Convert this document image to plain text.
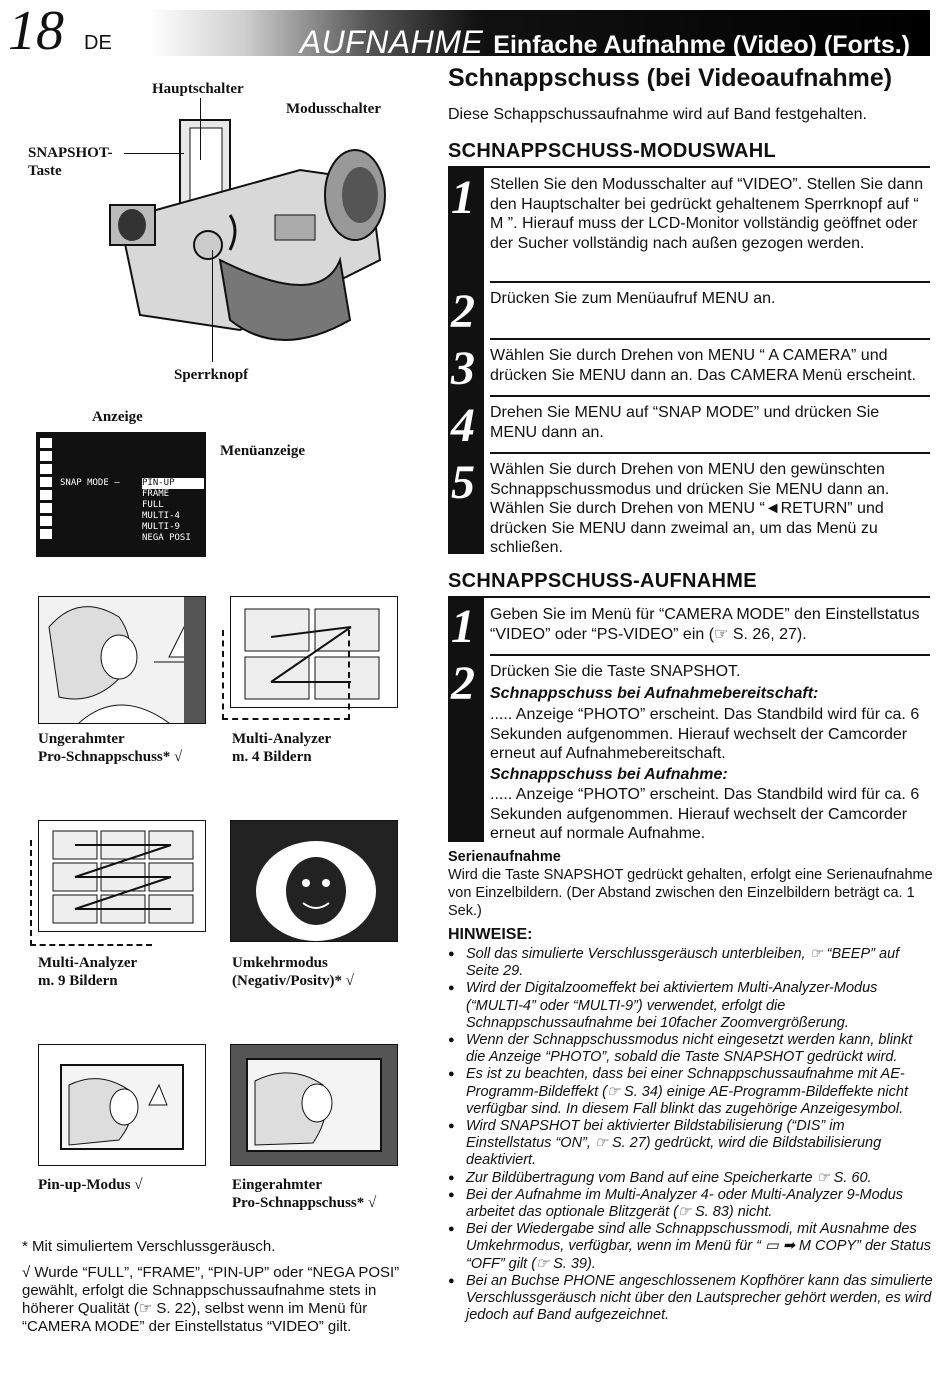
18 DE	AUFNAHME Einfache Aufnahme (Video) (Forts.)
Hauptschalter
Modusschalter
SNAPSHOT-
Taste
Sperrknopf
Anzeige
Menüanzeige
SNAP MODE – PIN-UP
FRAME
FULL
MULTI-4
MULTI-9
NEGA POSI
Ungerahmter
Pro-Schnappschuss* √
Multi-Analyzer
m. 4 Bildern
Multi-Analyzer
m. 9 Bildern
Umkehrmodus
(Negativ/Positv)* √
Pin-up-Modus √	Eingerahmter
Pro-Schnappschuss* √
* Mit simuliertem Verschlussgeräusch.
√ Wurde “FULL”, “FRAME”, “PIN-UP” oder “NEGA POSI” gewählt, erfolgt die Schnappschussaufnahme stets in höherer Qualität (☞ S. 22), selbst wenn im Menü für “CAMERA MODE” der Einstellstatus “VIDEO” gilt.
Schnappschuss (bei Videoaufnahme)
Diese Schappschussaufnahme wird auf Band festgehalten.
SCHNAPPSCHUSS-MODUSWAHL
1 Stellen Sie den Modusschalter auf “VIDEO”. Stellen Sie dann den Hauptschalter bei gedrückt gehaltenem Sperrknopf auf “ M ”. Hierauf muss der LCD-Monitor vollständig geöffnet oder der Sucher vollständig nach außen gezogen werden.
2 Drücken Sie zum Menüaufruf MENU an.
3 Wählen Sie durch Drehen von MENU “ A CAMERA” und drücken Sie MENU dann an. Das CAMERA Menü erscheint.
4 Drehen Sie MENU auf “SNAP MODE” und drücken Sie MENU dann an.
5 Wählen Sie durch Drehen von MENU den gewünschten Schnappschussmodus und drücken Sie MENU dann an. Wählen Sie durch Drehen von MENU “◄RETURN” und drücken Sie MENU dann zweimal an, um das Menü zu schließen.
SCHNAPPSCHUSS-AUFNAHME
1 Geben Sie im Menü für “CAMERA MODE” den Einstellstatus “VIDEO” oder “PS-VIDEO” ein (☞ S. 26, 27).
2 Drücken Sie die Taste SNAPSHOT.
Schnappschuss bei Aufnahmebereitschaft:
..... Anzeige “PHOTO” erscheint. Das Standbild wird für ca. 6 Sekunden aufgenommen. Hierauf wechselt der Camcorder erneut auf Aufnahmebereitschaft.
Schnappschuss bei Aufnahme:
..... Anzeige “PHOTO” erscheint. Das Standbild wird für ca. 6 Sekunden aufgenommen. Hierauf wechselt der Camcorder erneut auf normale Aufnahme.
Serienaufnahme
Wird die Taste SNAPSHOT gedrückt gehalten, erfolgt eine Serienaufnahme von Einzelbildern. (Der Abstand zwischen den Einzelbildern beträgt ca. 1 Sek.)
HINWEISE:
● Soll das simulierte Verschlussgeräusch unterbleiben, ☞ “BEEP” auf Seite 29.
● Wird der Digitalzoomeffekt bei aktiviertem Multi-Analyzer-Modus (“MULTI-4” oder “MULTI-9”) verwendet, erfolgt die Schnappschussaufnahme bei 10facher Zoomvergrößerung.
● Wenn der Schnappschussmodus nicht eingesetzt werden kann, blinkt die Anzeige “PHOTO”, sobald die Taste SNAPSHOT gedrückt wird.
● Es ist zu beachten, dass bei einer Schnappschussaufnahme mit AE-Programm-Bildeffekt (☞ S. 34) einige AE-Programm-Bildeffekte nicht verfügbar sind. In diesem Fall blinkt das zugehörige Anzeigesymbol.
● Wird SNAPSHOT bei aktivierter Bildstabilisierung (“DIS” im Einstellstatus “ON”, ☞ S. 27) gedrückt, wird die Bildstabilisierung deaktiviert.
● Zur Bildübertragung vom Band auf eine Speicherkarte ☞ S. 60.
● Bei der Aufnahme im Multi-Analyzer 4- oder Multi-Analyzer 9-Modus arbeitet das optionale Blitzgerät (☞ S. 83) nicht.
● Bei der Wiedergabe sind alle Schnappschussmodi, mit Ausnahme des Umkehrmodus, verfügbar, wenn im Menü für “ ▭ ➡ M COPY” der Status “OFF” gilt (☞ S. 39).
● Bei an Buchse PHONE angeschlossenem Kopfhörer kann das simulierte Verschlussgeräusch nicht über den Lautsprecher gehört werden, es wird jedoch auf Band aufgezeichnet.
